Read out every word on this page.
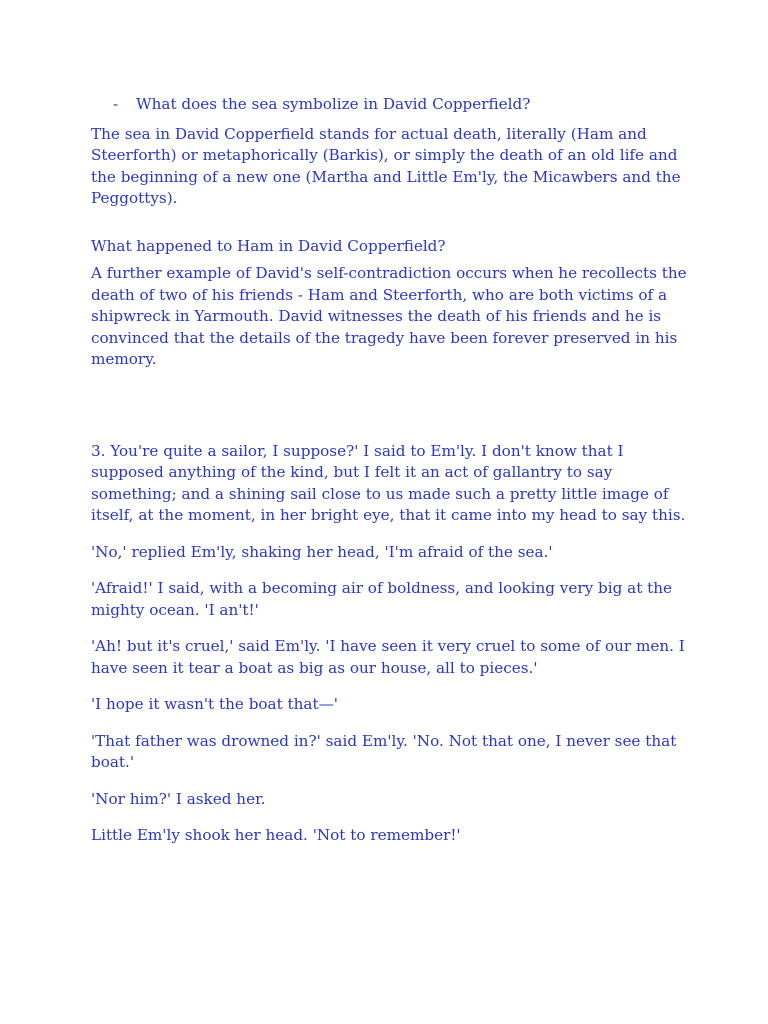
-	What does the sea symbolize in David Copperfield?

The sea in David Copperfield stands for actual death, literally (Ham and Steerforth) or metaphorically (Barkis), or simply the death of an old life and the beginning of a new one (Martha and Little Em'ly, the Micawbers and the Peggottys).

What happened to Ham in David Copperfield?

A further example of David's self-contradiction occurs when he recollects the death of two of his friends - Ham and Steerforth, who are both victims of a shipwreck in Yarmouth. David witnesses the death of his friends and he is convinced that the details of the tragedy have been forever preserved in his memory.

3. You're quite a sailor, I suppose?' I said to Em'ly. I don't know that I supposed anything of the kind, but I felt it an act of gallantry to say something; and a shining sail close to us made such a pretty little image of itself, at the moment, in her bright eye, that it came into my head to say this.

'No,' replied Em'ly, shaking her head, 'I'm afraid of the sea.'

'Afraid!' I said, with a becoming air of boldness, and looking very big at the mighty ocean. 'I an't!'

'Ah! but it's cruel,' said Em'ly. 'I have seen it very cruel to some of our men. I have seen it tear a boat as big as our house, all to pieces.'

'I hope it wasn't the boat that—'

'That father was drowned in?' said Em'ly. 'No. Not that one, I never see that boat.'

'Nor him?' I asked her.

Little Em'ly shook her head. 'Not to remember!'
